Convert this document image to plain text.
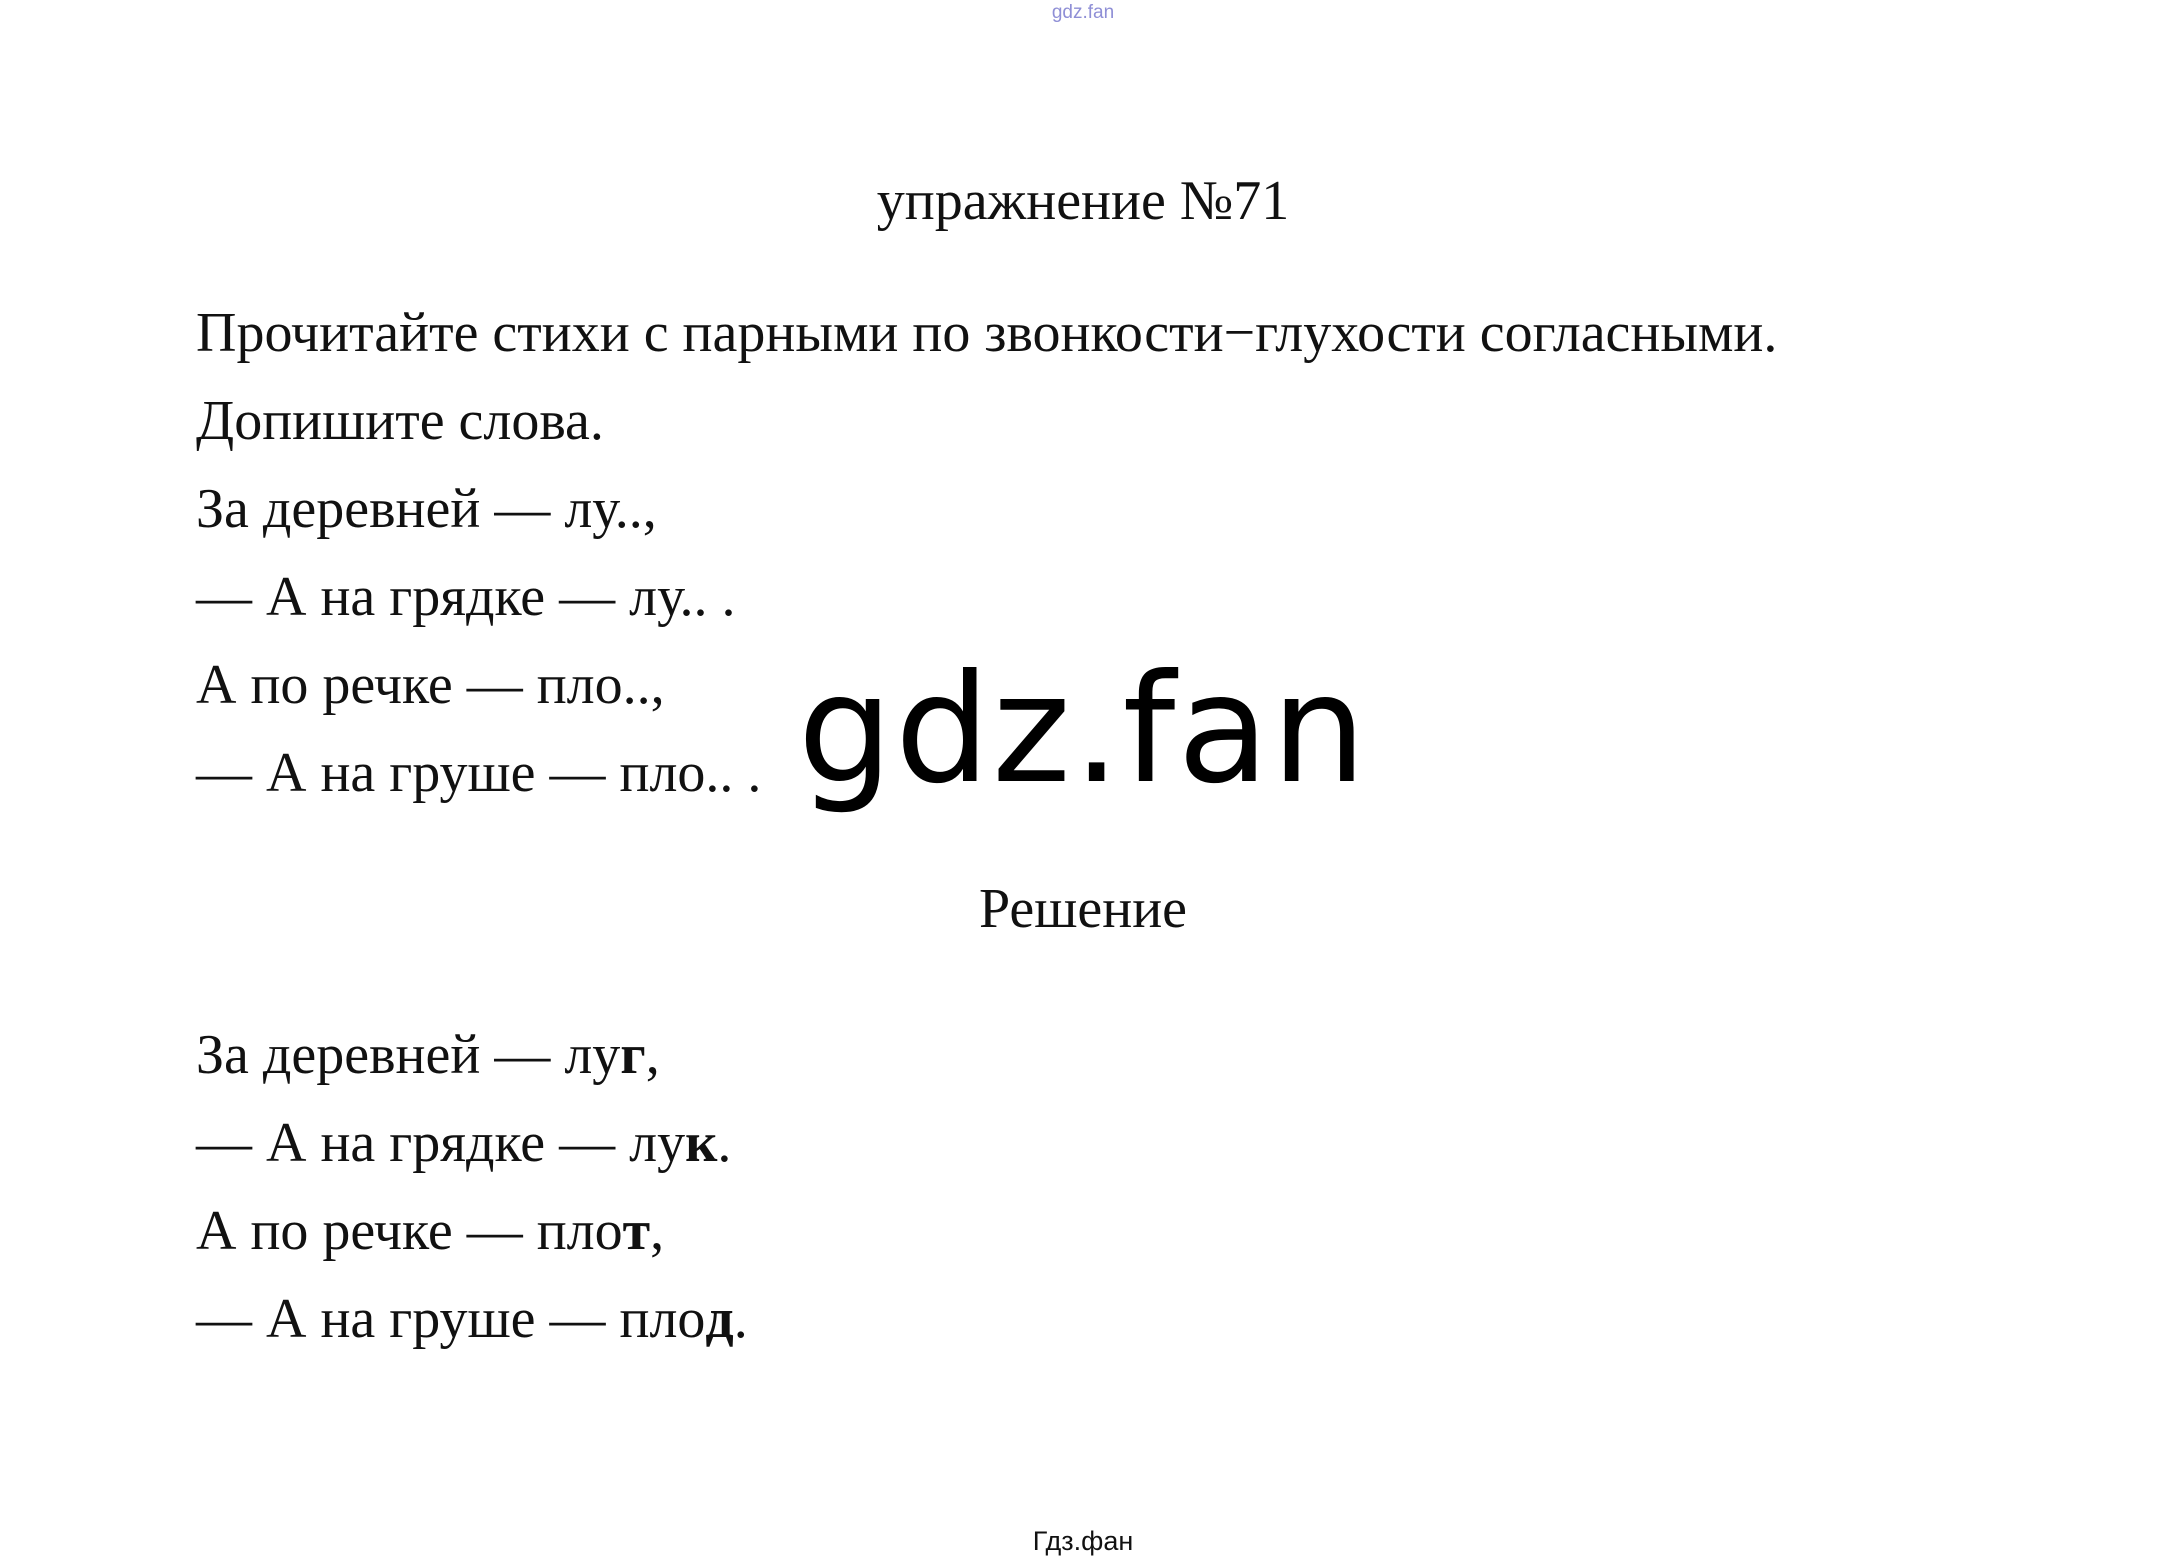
gdz.fan
упражнение №71
Прочитайте стихи с парными по звонкости−глухости согласными.
Допишите слова.
За деревней — лу..,
— А на грядке — лу.. .
А по речке — пло..,
— А на груше — пло.. . gdz.fan
Решение
За деревней — луг,
— А на грядке — лук.
А по речке — плот,
— А на груше — плод.
Гдз.фан
